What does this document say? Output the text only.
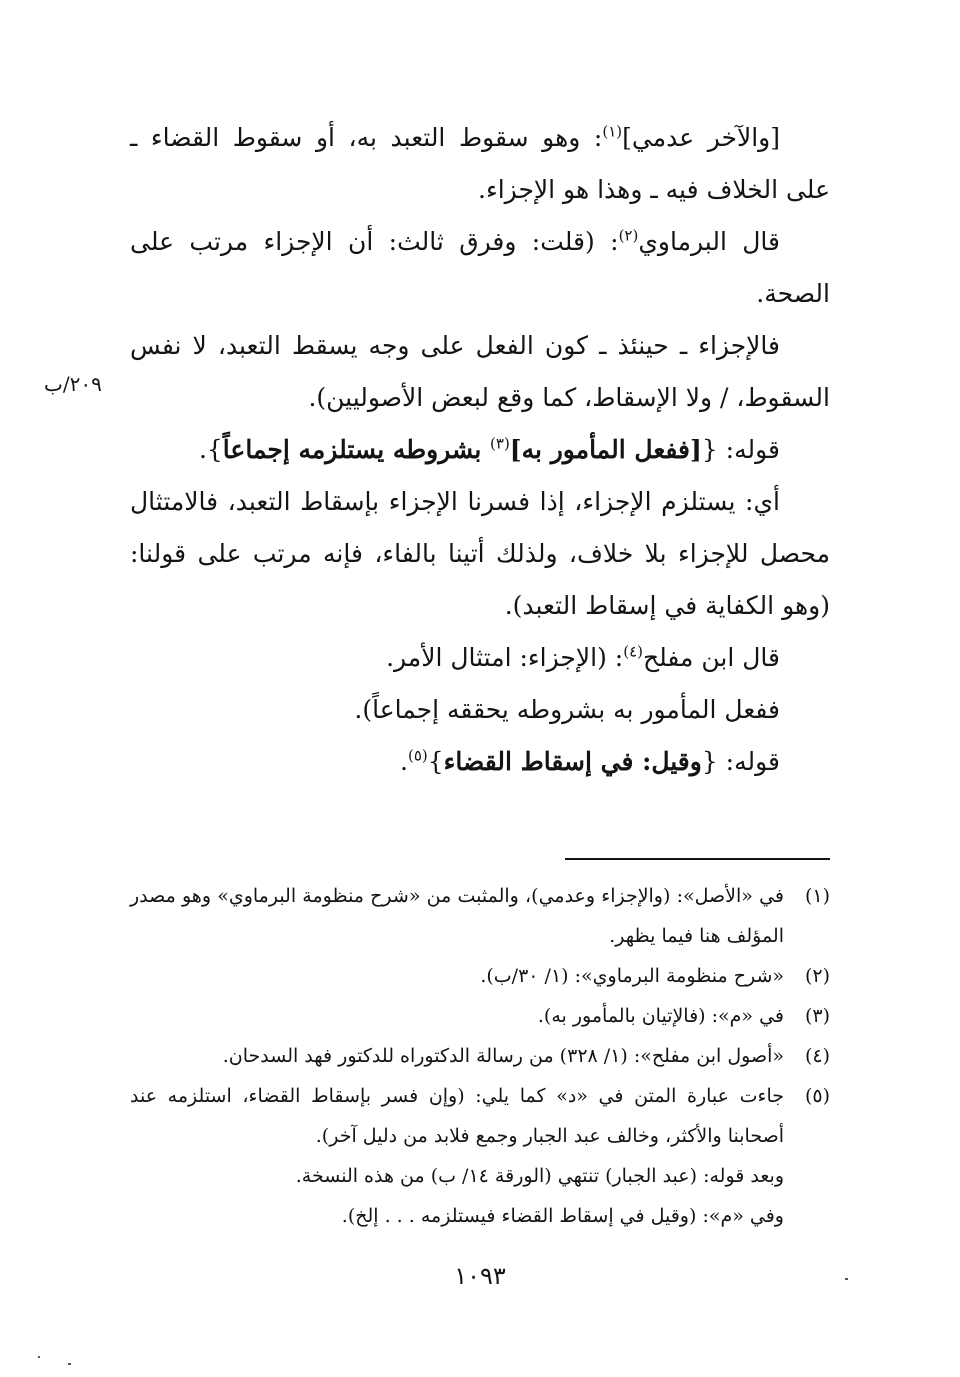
[والآخر عدمي]$^{(١)}$: وهو سقوط التعبد به، أو سقوط القضاء ـ على الخلاف فيه ـ وهذا هو الإجزاء.

قال البرماوي$^{(٢)}$: (قلت: وفرق ثالث: أن الإجزاء مرتب على الصحة.

فالإجزاء ـ حينئذ ـ كون الفعل على وجه يسقط التعبد، لا نفس السقوط، / ولا الإسقاط، كما وقع لبعض الأصوليين).

قوله: {[ففعل المأمور به]$^{(٣)}$ بشروطه يستلزمه إجماعاً}.

أي: يستلزم الإجزاء، إذا فسرنا الإجزاء بإسقاط التعبد، فالامتثال محصل للإجزاء بلا خلاف، ولذلك أتينا بالفاء، فإنه مرتب على قولنا: (وهو الكفاية في إسقاط التعبد).

قال ابن مفلح$^{(٤)}$: (الإجزاء: امتثال الأمر.

ففعل المأمور به بشروطه يحققه إجماعاً).

قوله: {وقيل: في إسقاط القضاء}$^{(٥)}$.

٢٠٩/ب
(١)
في «الأصل»: (والإجزاء وعدمي)، والمثبت من «شرح منظومة البرماوي» وهو مصدر المؤلف هنا فيما يظهر.
(٢)
«شرح منظومة البرماوي»: (١/ ٣٠/ب).
(٣)
في «م»: (فالإتيان بالمأمور به).
(٤)
«أصول ابن مفلح»: (١/ ٣٢٨) من رسالة الدكتوراه للدكتور فهد السدحان.
(٥)
جاءت عبارة المتن في «د» كما يلي: (وإن فسر بإسقاط القضاء، استلزمه عند أصحابنا والأكثر، وخالف عبد الجبار وجمع فلابد من دليل آخر).
وبعد قوله: (عبد الجبار) تنتهي (الورقة ١٤/ ب) من هذه النسخة.
وفي «م»: (وقيل في إسقاط القضاء فيستلزمه . . . إلخ).
١٠٩٣
